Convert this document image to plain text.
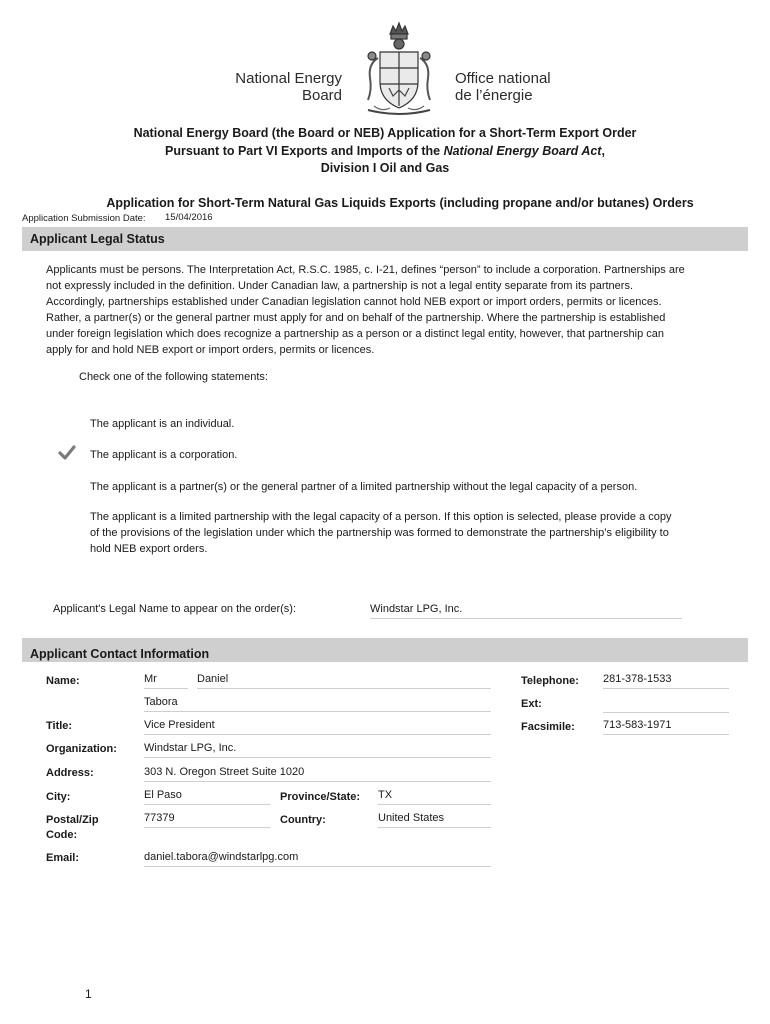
National Energy
Board
Office national
de l’énergie
National Energy Board (the Board or NEB) Application for a Short-Term Export Order
Pursuant to Part VI Exports and Imports of the National Energy Board Act,
Division I Oil and Gas
Application for Short-Term Natural Gas Liquids Exports (including propane and/or butanes) Orders
Application Submission Date: 15/04/2016
Applicant Legal Status
Applicants must be persons. The Interpretation Act, R.S.C. 1985, c. I-21, defines “person” to include a corporation. Partnerships are not expressly included in the definition. Under Canadian law, a partnership is not a legal entity separate from its partners. Accordingly, partnerships established under Canadian legislation cannot hold NEB export or import orders, permits or licences. Rather, a partner(s) or the general partner must apply for and on behalf of the partnership. Where the partnership is established under foreign legislation which does recognize a partnership as a person or a distinct legal entity, however, that partnership can apply for and hold NEB export or import orders, permits or licences.
Check one of the following statements:
The applicant is an individual.
The applicant is a corporation.
The applicant is a partner(s) or the general partner of a limited partnership without the legal capacity of a person.
The applicant is a limited partnership with the legal capacity of a person. If this option is selected, please provide a copy of the provisions of the legislation under which the partnership was formed to demonstrate the partnership’s eligibility to hold NEB export orders.
Applicant's Legal Name to appear on the order(s):	Windstar LPG, Inc.
Applicant Contact Information
Name:	Mr	Daniel
Tabora
Title:	Vice President
Organization: Windstar LPG, Inc.
Address:	303 N. Oregon Street Suite 1020
City:	El Paso	Province/State: TX
Postal/Zip
Code:
77379	Country:	United States
Email:	daniel.tabora@windstarlpg.com
Telephone: 281-378-1533
Ext:
Facsimile:	713-583-1971
1
